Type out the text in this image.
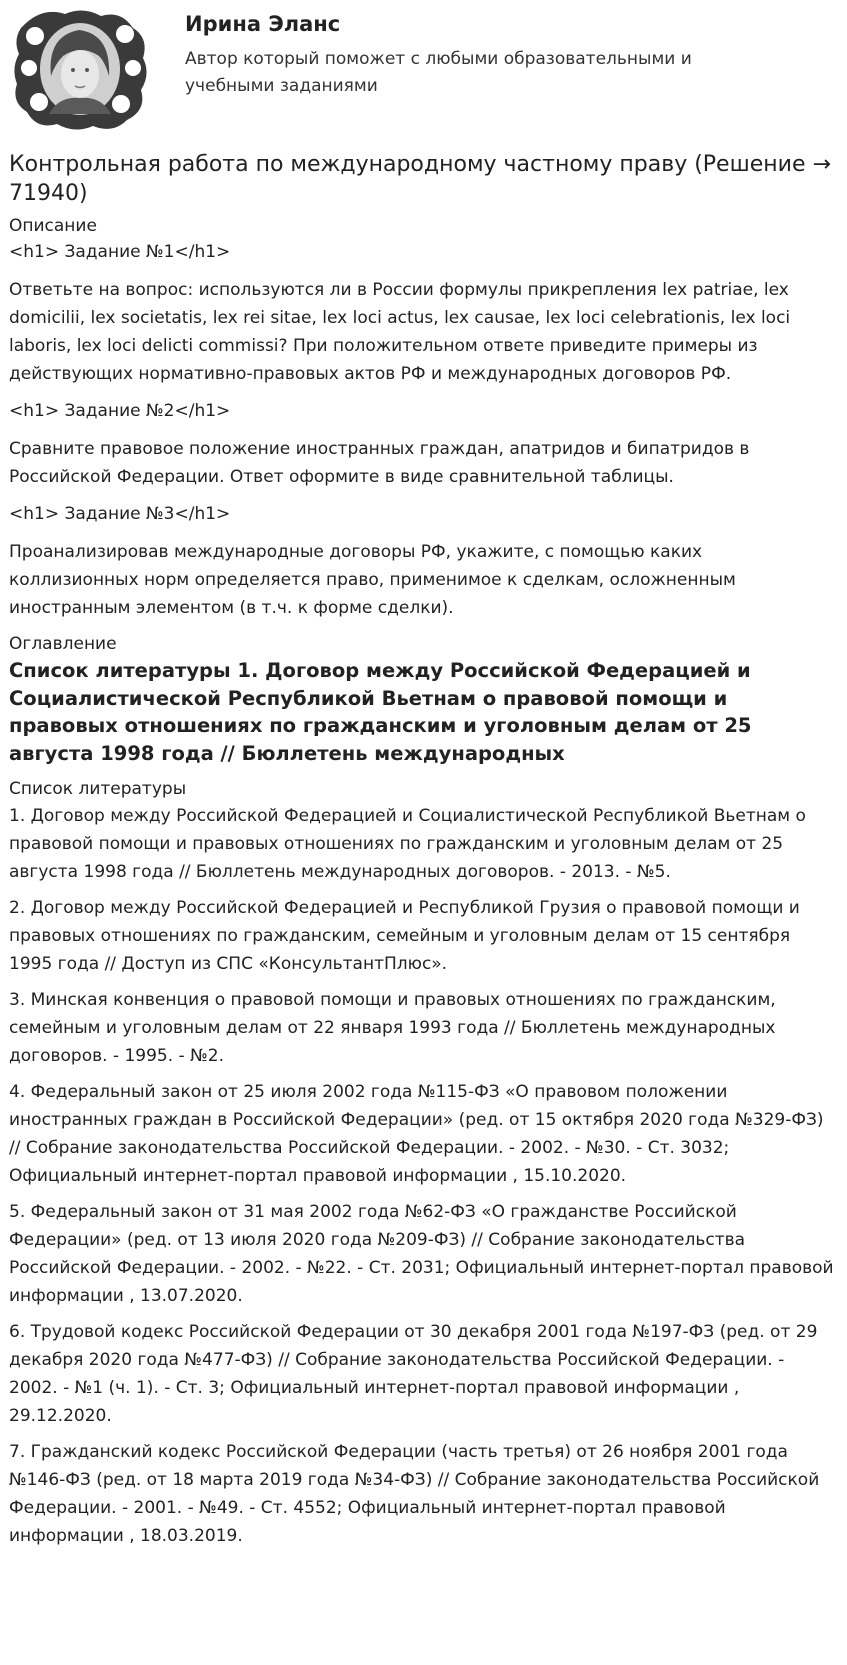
Ирина Эланс
Автор который поможет с любыми образовательными и учебными заданиями
Контрольная работа по международному частному праву (Решение → 71940)
Описание
<h1> Задание №1</h1>

Ответьте на вопрос: используются ли в России формулы прикрепления lex patriae, lex domicilii, lex societatis, lex rei sitae, lex loci actus, lex causae, lex loci celebrationis, lex loci laboris, lex loci delicti commissi? При положительном ответе приведите примеры из действующих нормативно-правовых актов РФ и международных договоров РФ.

<h1> Задание №2</h1>

Сравните правовое положение иностранных граждан, апатридов и бипатридов в Российской Федерации. Ответ оформите в виде сравнительной таблицы.

<h1> Задание №3</h1>

Проанализировав международные договоры РФ, укажите, с помощью каких коллизионных норм определяется право, применимое к сделкам, осложненным иностранным элементом (в т.ч. к форме сделки).

Оглавление
Список литературы 1. Договор между Российской Федерацией и Социалистической Республикой Вьетнам о правовой помощи и правовых отношениях по гражданским и уголовным делам от 25 августа 1998 года // Бюллетень международных
Список литературы

1. Договор между Российской Федерацией и Социалистической Республикой Вьетнам о правовой помощи и правовых отношениях по гражданским и уголовным делам от 25 августа 1998 года // Бюллетень международных договоров. - 2013. - №5.

2. Договор между Российской Федерацией и Республикой Грузия о правовой помощи и правовых отношениях по гражданским, семейным и уголовным делам от 15 сентября 1995 года // Доступ из СПС «КонсультантПлюс».

3. Минская конвенция о правовой помощи и правовых отношениях по гражданским, семейным и уголовным делам от 22 января 1993 года // Бюллетень международных договоров. - 1995. - №2.

4. Федеральный закон от 25 июля 2002 года №115-ФЗ «О правовом положении иностранных граждан в Российской Федерации» (ред. от 15 октября 2020 года №329-ФЗ) // Собрание законодательства Российской Федерации. - 2002. - №30. - Ст. 3032; Официальный интернет-портал правовой информации , 15.10.2020.

5. Федеральный закон от 31 мая 2002 года №62-ФЗ «О гражданстве Российской Федерации» (ред. от 13 июля 2020 года №209-ФЗ) // Собрание законодательства Российской Федерации. - 2002. - №22. - Ст. 2031; Официальный интернет-портал правовой информации , 13.07.2020.

6. Трудовой кодекс Российской Федерации от 30 декабря 2001 года №197-ФЗ (ред. от 29 декабря 2020 года №477-ФЗ) // Собрание законодательства Российской Федерации. - 2002. - №1 (ч. 1). - Ст. 3; Официальный интернет-портал правовой информации , 29.12.2020.

7. Гражданский кодекс Российской Федерации (часть третья) от 26 ноября 2001 года №146-ФЗ (ред. от 18 марта 2019 года №34-ФЗ) // Собрание законодательства Российской Федерации. - 2001. - №49. - Ст. 4552; Официальный интернет-портал правовой информации , 18.03.2019.
